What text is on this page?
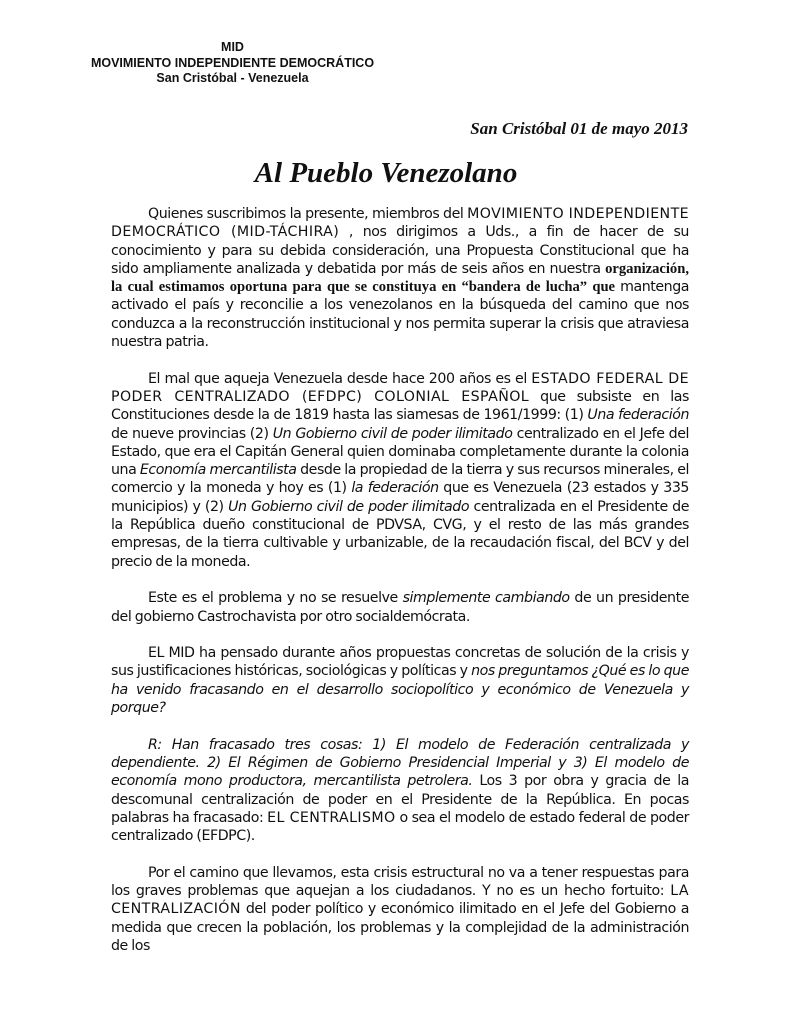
MID
MOVIMIENTO INDEPENDIENTE DEMOCRÁTICO
San Cristóbal - Venezuela
San Cristóbal 01 de mayo 2013
Al Pueblo Venezolano

Quienes suscribimos la presente, miembros del MOVIMIENTO INDEPENDIENTE DEMOCRÁTICO (MID-TÁCHIRA) , nos dirigimos a Uds., a fin de hacer de su conocimiento y para su debida consideración, una Propuesta Constitucional que ha sido ampliamente analizada y debatida por más de seis años en nuestra organización, la cual estimamos oportuna para que se constituya en “bandera de lucha” que mantenga activado el país y reconcilie a los venezolanos en la búsqueda del camino que nos conduzca a la reconstrucción institucional y nos permita superar la crisis que atraviesa nuestra patria.

El mal que aqueja Venezuela desde hace 200 años es el ESTADO FEDERAL DE PODER CENTRALIZADO (EFDPC) COLONIAL ESPAÑOL que subsiste en las Constituciones desde la de 1819 hasta las siamesas de 1961/1999: (1) Una federación de nueve provincias (2) Un Gobierno civil de poder ilimitado centralizado en el Jefe del Estado, que era el Capitán General quien dominaba completamente durante la colonia una Economía mercantilista desde la propiedad de la tierra y sus recursos minerales, el comercio y la moneda y hoy es (1) la federación que es Venezuela (23 estados y 335 municipios) y (2) Un Gobierno civil de poder ilimitado centralizada en el Presidente de la República dueño constitucional de PDVSA, CVG, y el resto de las más grandes empresas, de la tierra cultivable y urbanizable, de la recaudación fiscal, del BCV y del precio de la moneda.

Este es el problema y no se resuelve simplemente cambiando de un presidente del gobierno Castrochavista por otro socialdemócrata.

EL MID ha pensado durante años propuestas concretas de solución de la crisis y sus justificaciones históricas, sociológicas y políticas y nos preguntamos ¿Qué es lo que ha venido fracasando en el desarrollo sociopolítico y económico de Venezuela y porque?

R: Han fracasado tres cosas: 1) El modelo de Federación centralizada y dependiente. 2) El Régimen de Gobierno Presidencial Imperial y 3) El modelo de economía mono productora, mercantilista petrolera. Los 3 por obra y gracia de la descomunal centralización de poder en el Presidente de la República. En pocas palabras ha fracasado: EL CENTRALISMO o sea el modelo de estado federal de poder centralizado (EFDPC).

Por el camino que llevamos, esta crisis estructural no va a tener respuestas para los graves problemas que aquejan a los ciudadanos. Y no es un hecho fortuito: LA CENTRALIZACIÓN del poder político y económico ilimitado en el Jefe del Gobierno a medida que crecen la población, los problemas y la complejidad de la administración de los
